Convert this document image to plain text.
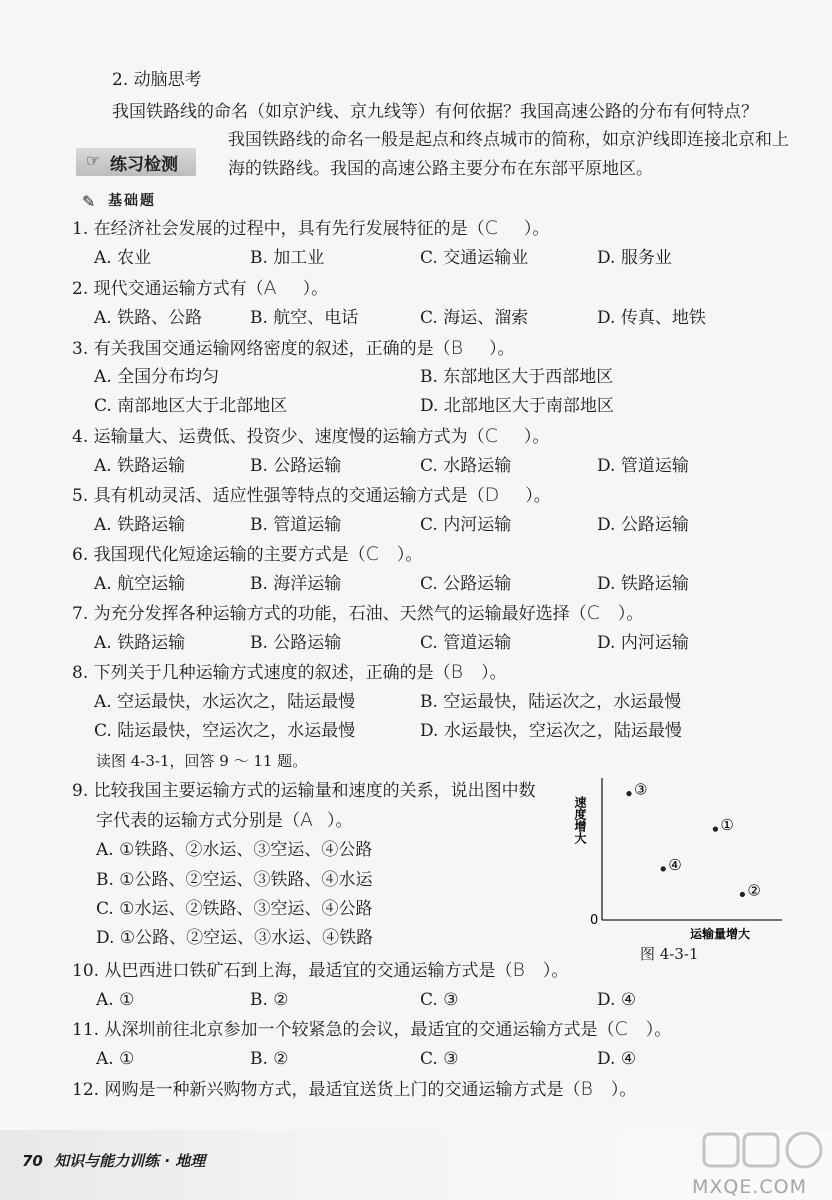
2. 动脑思考
我国铁路线的命名（如京沪线、京九线等）有何依据？我国高速公路的分布有何特点？
我国铁路线的命名一般是起点和终点城市的简称，如京沪线即连接北京和上
海的铁路线。我国的高速公路主要分布在东部平原地区。
☞ 练习检测
✎ 基础题
1. 在经济社会发展的过程中，具有先行发展特征的是（C ）。
A. 农业	B. 加工业	C. 交通运输业	D. 服务业
2. 现代交通运输方式有（A ）。
A. 铁路、公路	B. 航空、电话	C. 海运、溜索	D. 传真、地铁
3. 有关我国交通运输网络密度的叙述，正确的是（B ）。
A. 全国分布均匀	B. 东部地区大于西部地区
C. 南部地区大于北部地区	D. 北部地区大于南部地区
4. 运输量大、运费低、投资少、速度慢的运输方式为（C ）。
A. 铁路运输	B. 公路运输	C. 水路运输	D. 管道运输
5. 具有机动灵活、适应性强等特点的交通运输方式是（D ）。
A. 铁路运输	B. 管道运输	C. 内河运输	D. 公路运输
6. 我国现代化短途运输的主要方式是（C ）。
A. 航空运输	B. 海洋运输	C. 公路运输	D. 铁路运输
7. 为充分发挥各种运输方式的功能，石油、天然气的运输最好选择（C ）。
A. 铁路运输	B. 公路运输	C. 管道运输	D. 内河运输
8. 下列关于几种运输方式速度的叙述，正确的是（B ）。
A. 空运最快，水运次之，陆运最慢	B. 空运最快，陆运次之，水运最慢
C. 陆运最快，空运次之，水运最慢	D. 水运最快，空运次之，陆运最慢
读图 4-3-1，回答 9 ～ 11 题。
9. 比较我国主要运输方式的运输量和速度的关系，说出图中数
字代表的运输方式分别是（A ）。
A. ①铁路、②水运、③空运、④公路
B. ①公路、②空运、③铁路、④水运
C. ①水运、②铁路、③空运、④公路
D. ①公路、②空运、③水运、④铁路
0
速度增大
运输量增大
③
①
④
②
图 4-3-1
10. 从巴西进口铁矿石到上海，最适宜的交通运输方式是（B ）。
A. ①	B. ②	C. ③	D. ④
11. 从深圳前往北京参加一个较紧急的会议，最适宜的交通运输方式是（C ）。
A. ①	B. ②	C. ③	D. ④
12. 网购是一种新兴购物方式，最适宜送货上门的交通运输方式是（B ）。
70 知识与能力训练 · 地理
MXQE.COM
